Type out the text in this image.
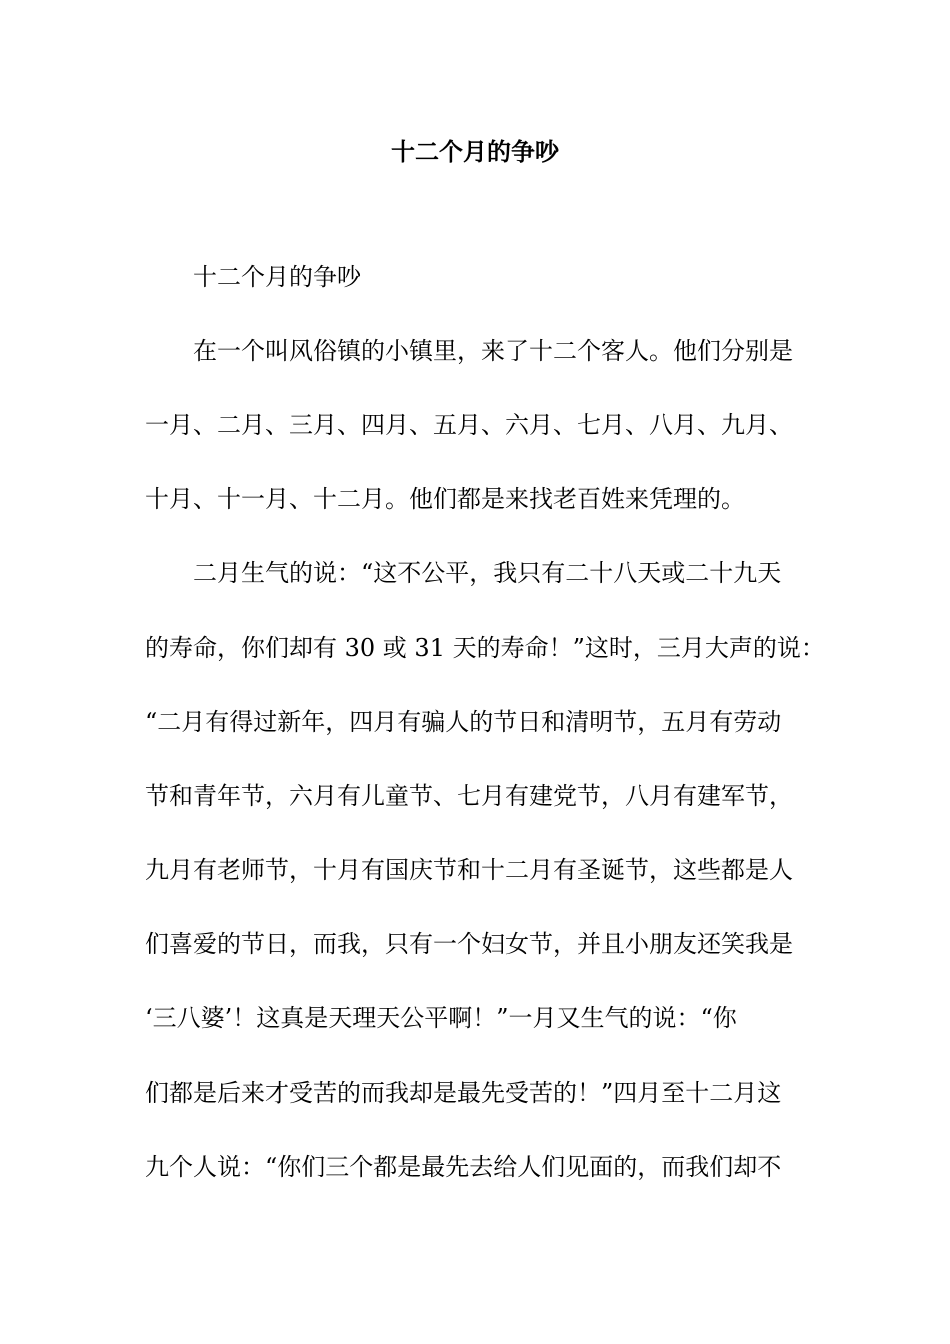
十二个月的争吵

十二个月的争吵

在一个叫风俗镇的小镇里，来了十二个客人。他们分别是

一月、二月、三月、四月、五月、六月、七月、八月、九月、

十月、十一月、十二月。他们都是来找老百姓来凭理的。

二月生气的说：“这不公平，我只有二十八天或二十九天

的寿命，你们却有 30 或 31 天的寿命！”这时，三月大声的说：

“二月有得过新年，四月有骗人的节日和清明节，五月有劳动

节和青年节，六月有儿童节、七月有建党节，八月有建军节，

九月有老师节，十月有国庆节和十二月有圣诞节，这些都是人

们喜爱的节日，而我，只有一个妇女节，并且小朋友还笑我是

‘三八婆’！这真是天理天公平啊！”一月又生气的说：“你

们都是后来才受苦的而我却是最先受苦的！”四月至十二月这

九个人说：“你们三个都是最先去给人们见面的，而我们却不
